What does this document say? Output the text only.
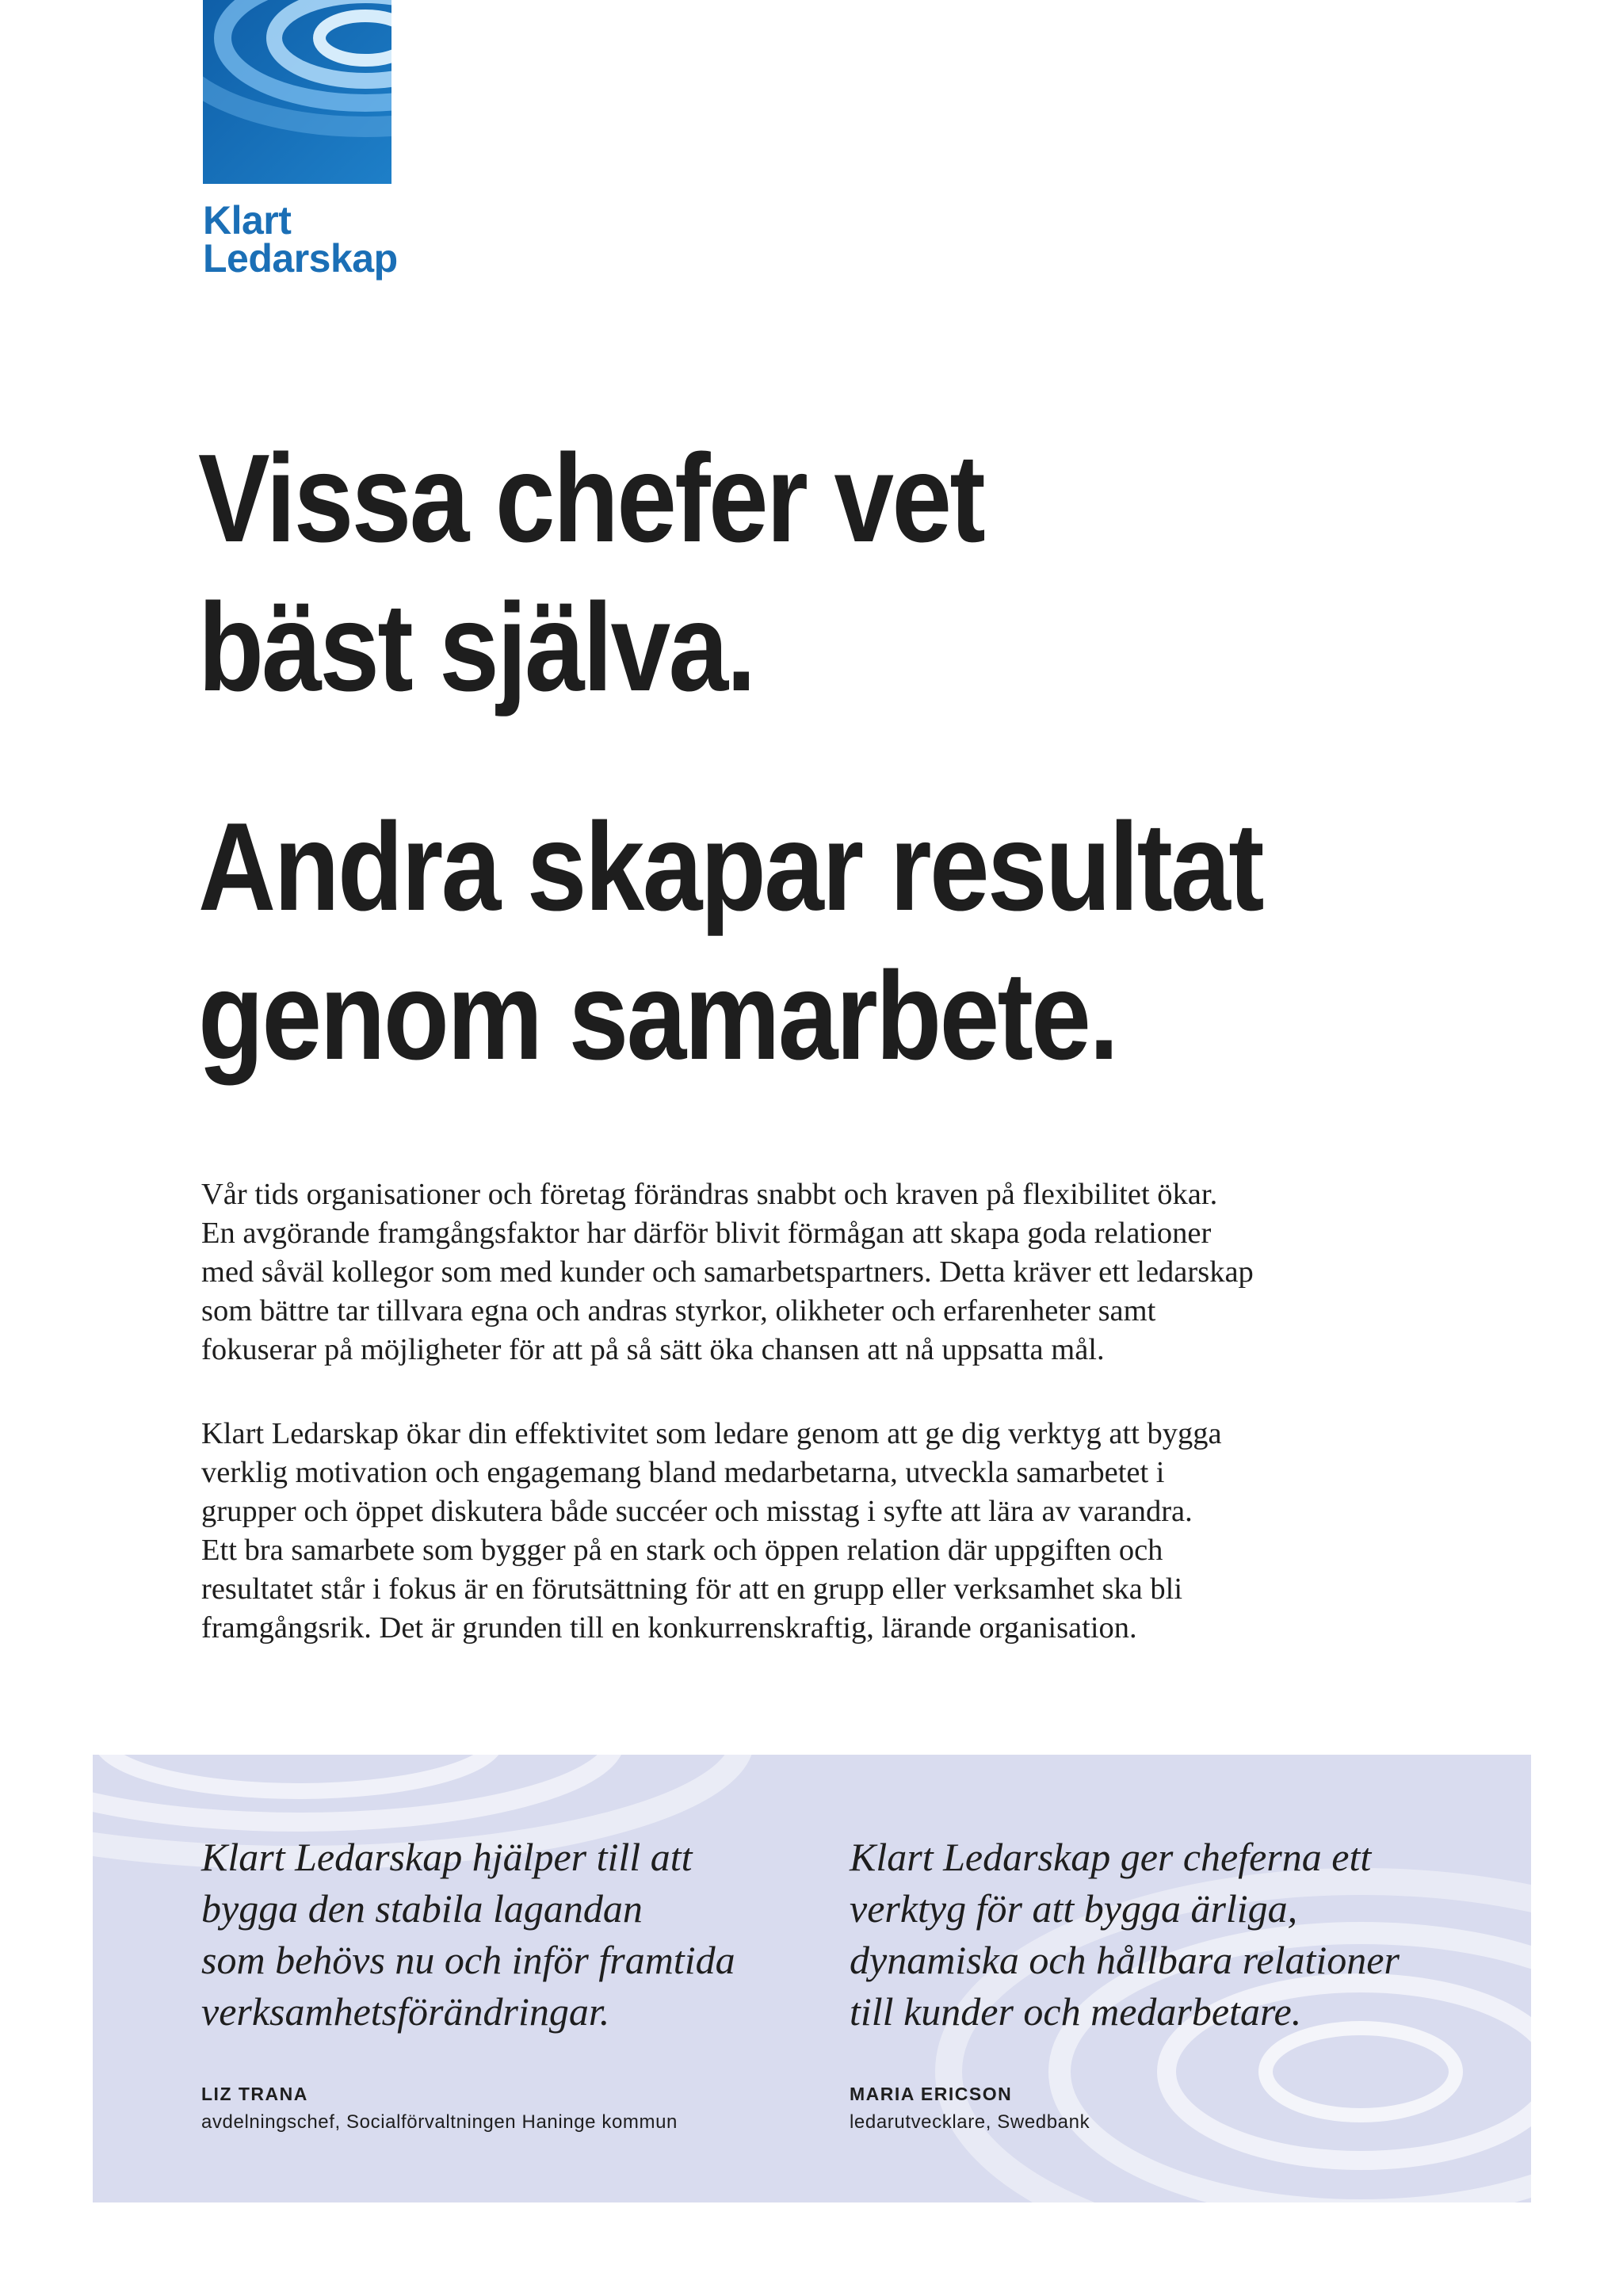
Klart
Ledarskap
Vissa chefer vet
bäst själva.
Andra skapar resultat
genom samarbete.
Vår tids organisationer och företag förändras snabbt och kraven på flexibilitet ökar.
En avgörande framgångsfaktor har därför blivit förmågan att skapa goda relationer
med såväl kollegor som med kunder och samarbetspartners. Detta kräver ett ledarskap
som bättre tar tillvara egna och andras styrkor, olikheter och erfarenheter samt
fokuserar på möjligheter för att på så sätt öka chansen att nå uppsatta mål.
Klart Ledarskap ökar din effektivitet som ledare genom att ge dig verktyg att bygga
verklig motivation och engagemang bland medarbetarna, utveckla samarbetet i
grupper och öppet diskutera både succéer och misstag i syfte att lära av varandra.
Ett bra samarbete som bygger på en stark och öppen relation där uppgiften och
resultatet står i fokus är en förutsättning för att en grupp eller verksamhet ska bli
framgångsrik. Det är grunden till en konkurrenskraftig, lärande organisation.
Klart Ledarskap hjälper till att
bygga den stabila lagandan
som behövs nu och inför framtida
verksamhetsförändringar.
LIZ TRANA
avdelningschef, Socialförvaltningen Haninge kommun
Klart Ledarskap ger cheferna ett
verktyg för att bygga ärliga,
dynamiska och hållbara relationer
till kunder och medarbetare.
MARIA ERICSON
ledarutvecklare, Swedbank
